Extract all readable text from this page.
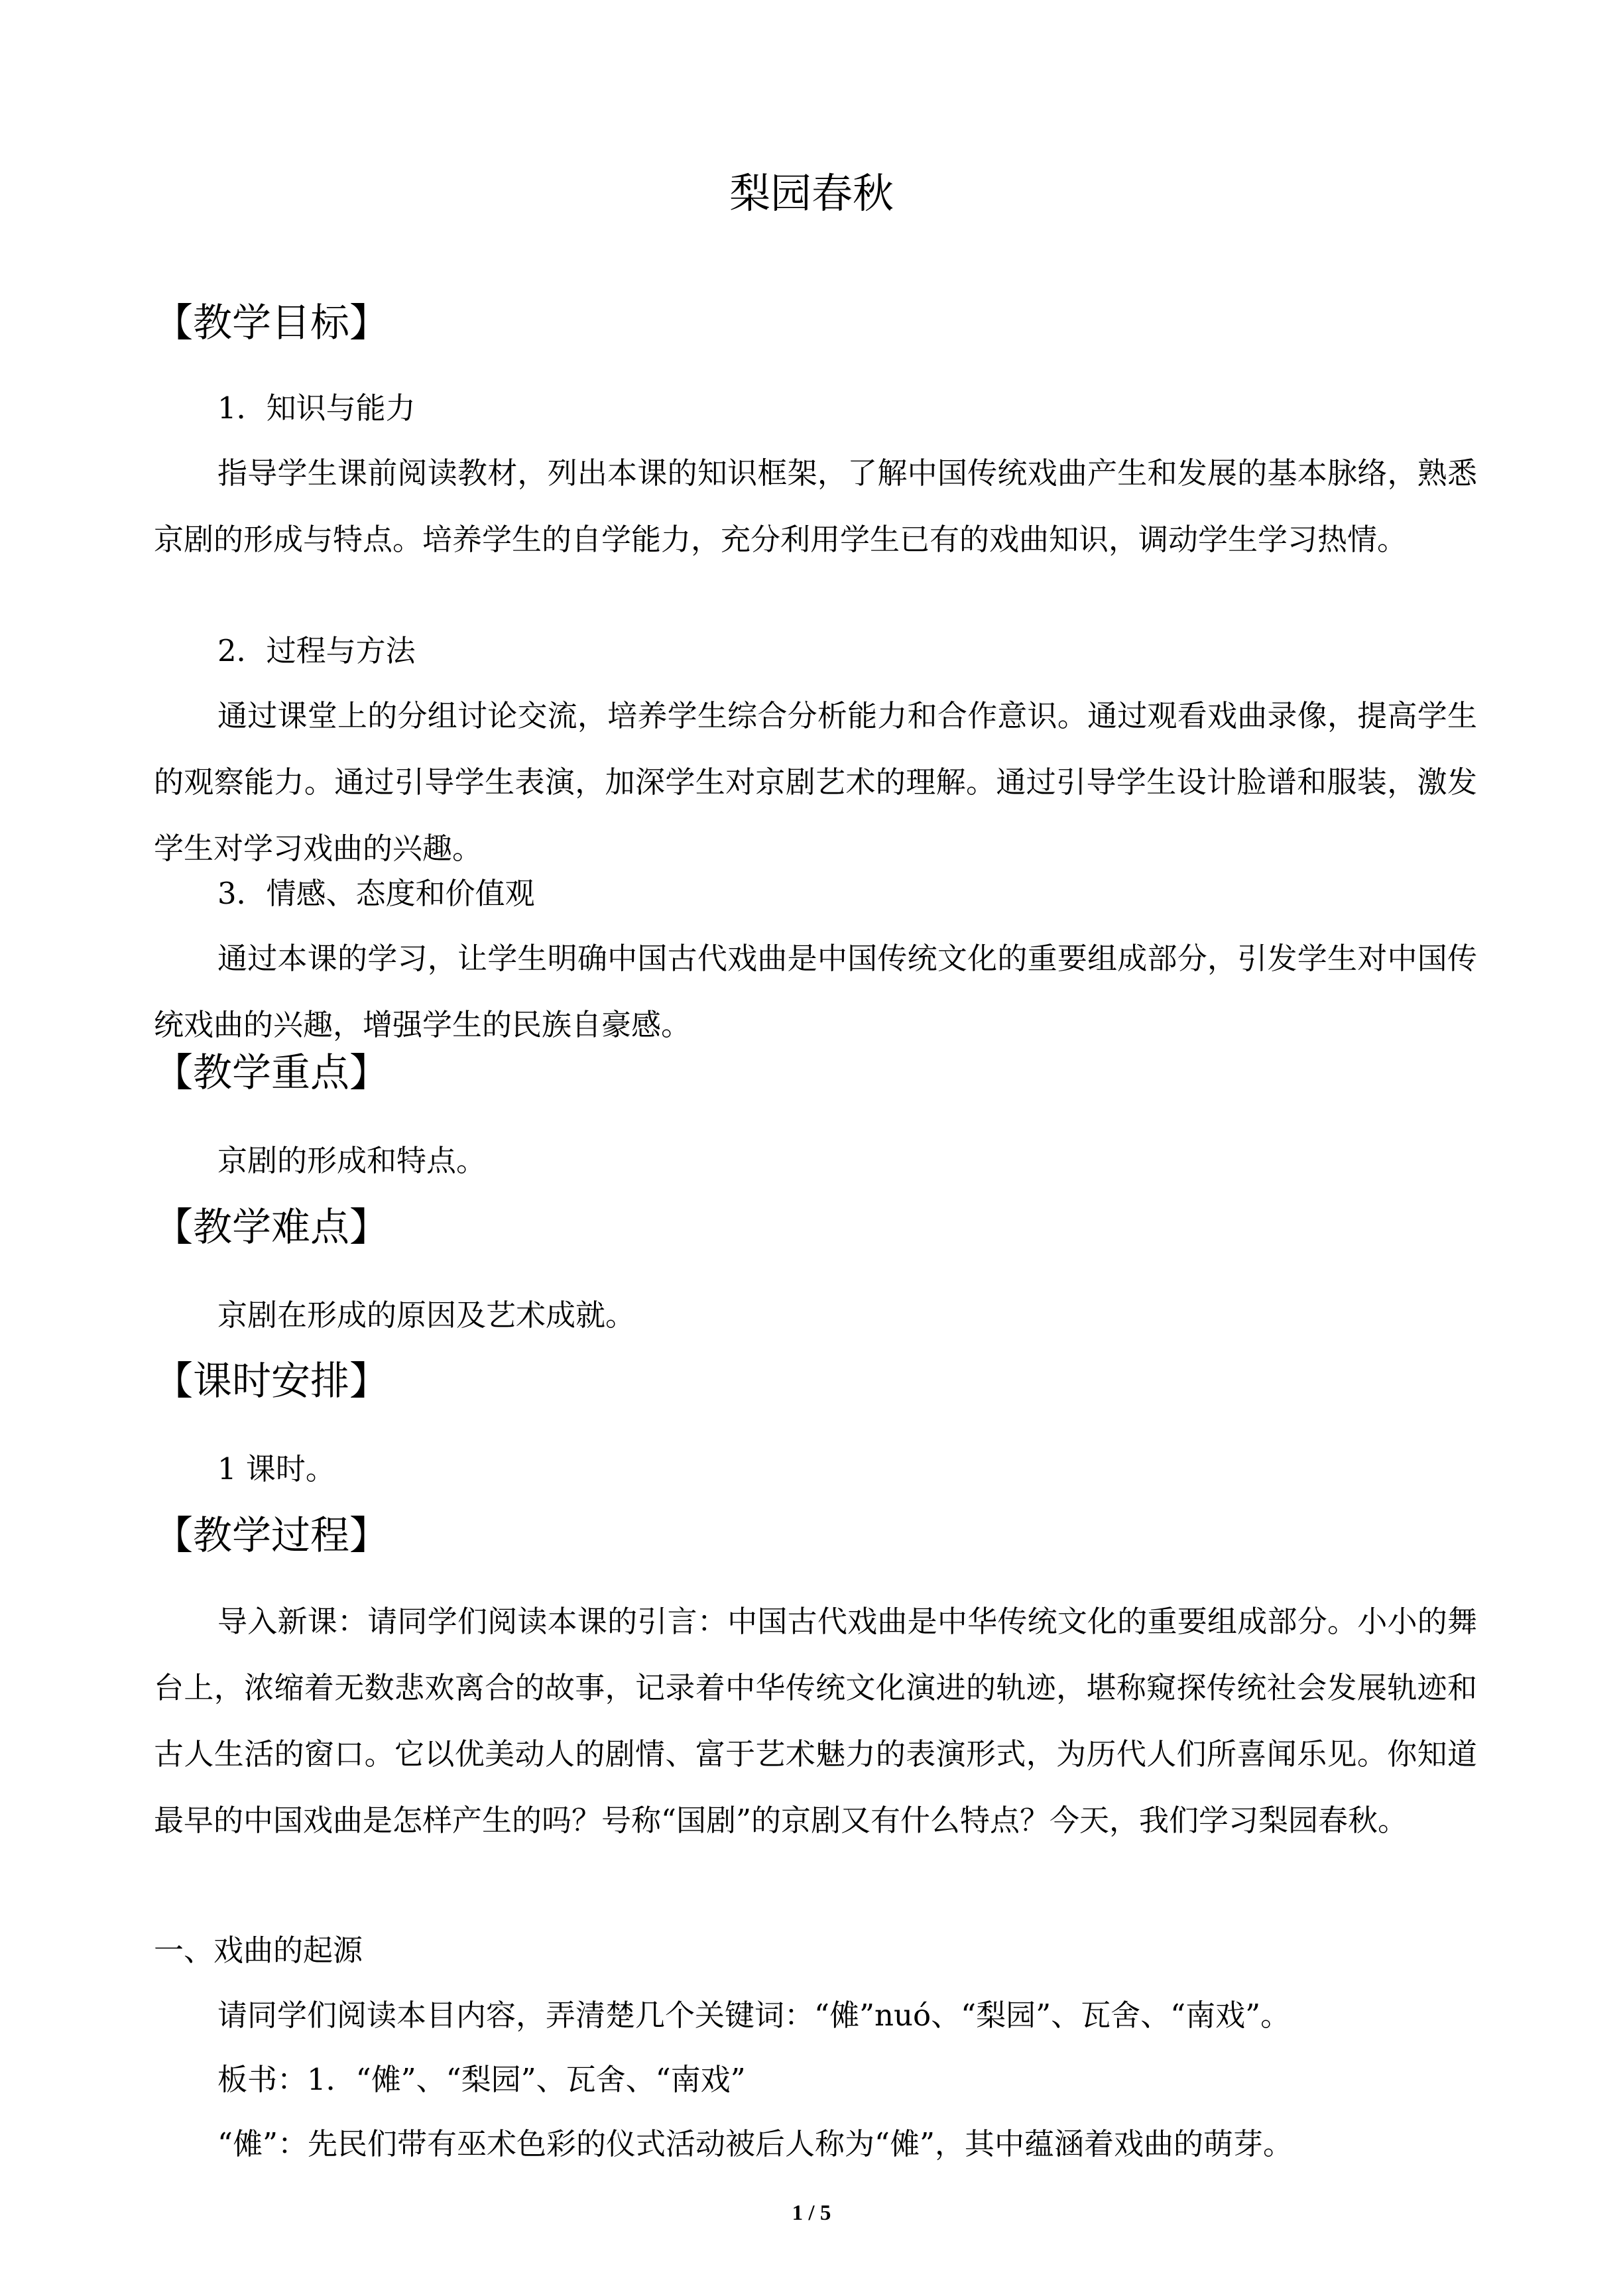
梨园春秋
【教学目标】
1．知识与能力
指导学生课前阅读教材，列出本课的知识框架，了解中国传统戏曲产生和发展的基本脉络，熟悉京剧的形成与特点。培养学生的自学能力，充分利用学生已有的戏曲知识，调动学生学习热情。
2．过程与方法
通过课堂上的分组讨论交流，培养学生综合分析能力和合作意识。通过观看戏曲录像，提高学生的观察能力。通过引导学生表演，加深学生对京剧艺术的理解。通过引导学生设计脸谱和服装，激发学生对学习戏曲的兴趣。
3．情感、态度和价值观
通过本课的学习，让学生明确中国古代戏曲是中国传统文化的重要组成部分，引发学生对中国传统戏曲的兴趣，增强学生的民族自豪感。
【教学重点】
京剧的形成和特点。
【教学难点】
京剧在形成的原因及艺术成就。
【课时安排】
1 课时。
【教学过程】
导入新课：请同学们阅读本课的引言：中国古代戏曲是中华传统文化的重要组成部分。小小的舞台上，浓缩着无数悲欢离合的故事，记录着中华传统文化演进的轨迹，堪称窥探传统社会发展轨迹和古人生活的窗口。它以优美动人的剧情、富于艺术魅力的表演形式，为历代人们所喜闻乐见。你知道最早的中国戏曲是怎样产生的吗？号称“国剧”的京剧又有什么特点？今天，我们学习梨园春秋。
一、戏曲的起源
请同学们阅读本目内容，弄清楚几个关键词：“傩”nuó、“梨园”、瓦舍、“南戏”。
板书：1．“傩”、“梨园”、瓦舍、“南戏”
“傩”：先民们带有巫术色彩的仪式活动被后人称为“傩”，其中蕴涵着戏曲的萌芽。
1 / 5
